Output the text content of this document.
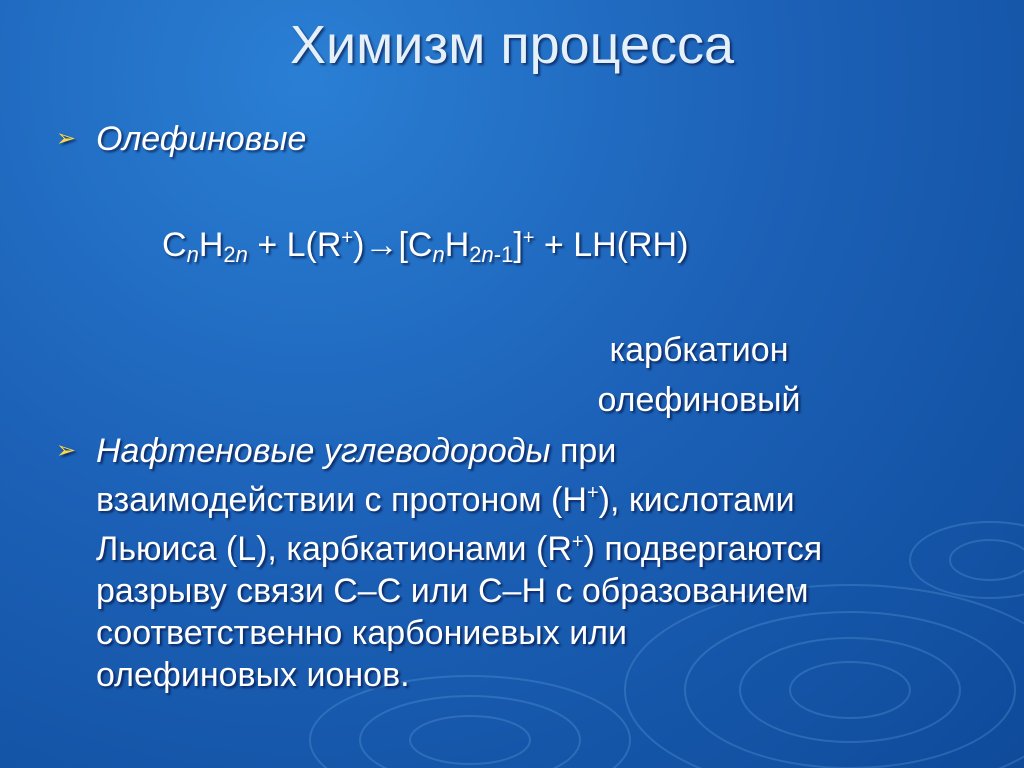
Химизм процесса
➢ Олефиновые
$C_nH_{2n} + L(R^+)\to[C_nH_{2n-1}]^+ + LH(RH)$
карбкатион
олефиновый
➢ Нафтеновые углеводороды при
взаимодействии с протоном (Н+), кислотами
Льюиса (L), карбкатионами (R+) подвергаются
разрыву связи С–С или С–Н с образованием
соответственно карбониевых или
олефиновых ионов.
